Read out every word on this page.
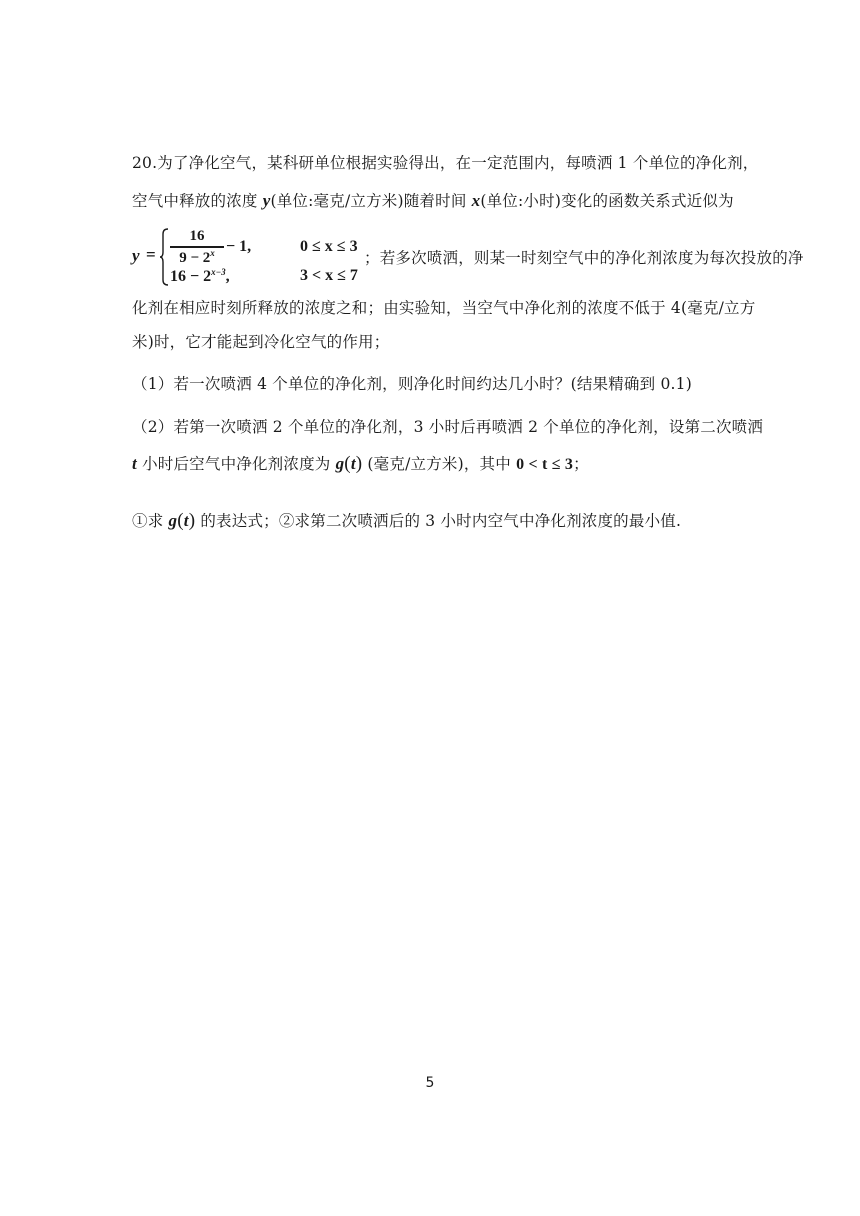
20.为了净化空气，某科研单位根据实验得出，在一定范围内，每喷洒 1 个单位的净化剂，
空气中释放的浓度 y(单位:毫克/立方米)随着时间 x(单位:小时)变化的函数关系式近似为
y =
16
$9 - 2^x - 1$,	0 ≤ x ≤ 3
$16 - 2^{x-3}$,	3 < x ≤ 7
；若多次喷洒，则某一时刻空气中的净化剂浓度为每次投放的净
化剂在相应时刻所释放的浓度之和；由实验知，当空气中净化剂的浓度不低于 4(毫克/立方
米)时，它才能起到冷化空气的作用；
（1）若一次喷洒 4 个单位的净化剂，则净化时间约达几小时？(结果精确到 0.1)
（2）若第一次喷洒 2 个单位的净化剂，3 小时后再喷洒 2 个单位的净化剂，设第二次喷洒
t 小时后空气中净化剂浓度为 g(t) (毫克/立方米)，其中 0 < t ≤ 3；
①求 g(t) 的表达式；②求第二次喷洒后的 3 小时内空气中净化剂浓度的最小值.
5
